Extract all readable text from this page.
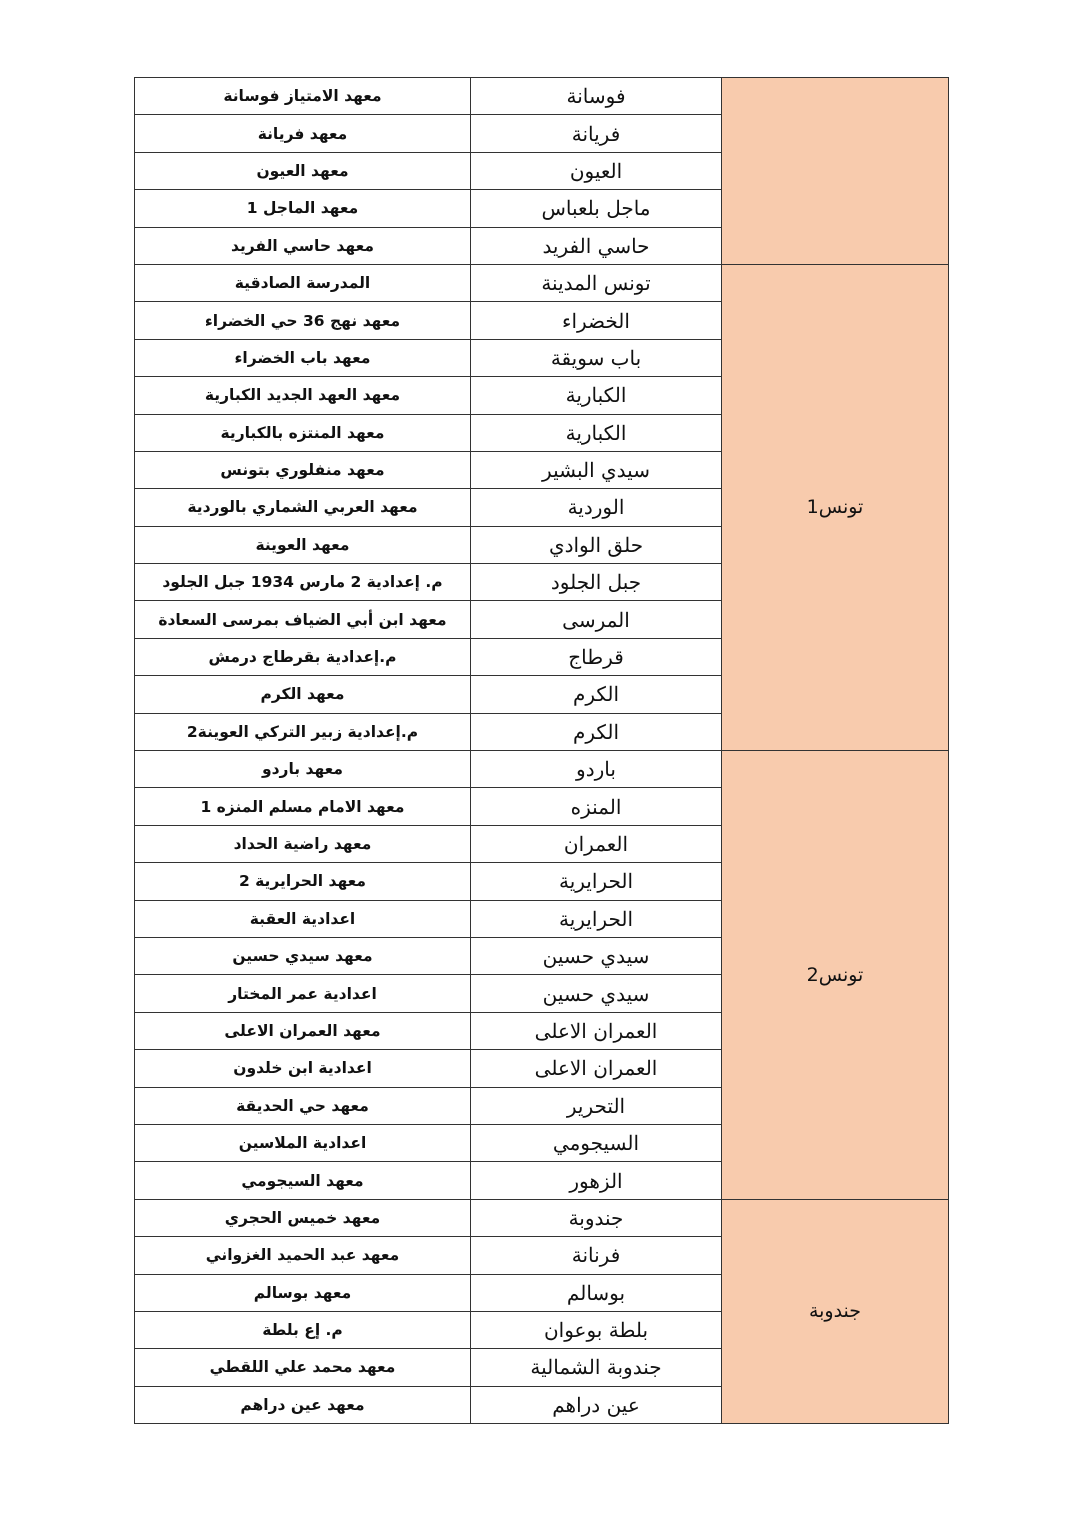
	فوسانة	معهد الامتياز فوسانة
	فريانة	معهد فريانة
	العيون	معهد العيون
	ماجل بلعباس	معهد الماجل 1
	حاسي الفريد	معهد حاسي الفريد
تونس1	تونس المدينة	المدرسة الصادقية
	الخضراء	معهد نهج 36 حي الخضراء
	باب سويقة	معهد باب الخضراء
	الكبارية	معهد العهد الجديد الكبارية
	الكبارية	معهد المنتزه بالكبارية
	سيدي البشير	معهد منفلوري بتونس
	الوردية	معهد العربي الشماري بالوردية
	حلق الوادي	معهد العوينة
	جبل الجلود	م. إعدادية 2 مارس 1934 جبل الجلود
	المرسى	معهد ابن أبي الضياف بمرسى السعادة
	قرطاج	م.إعدادية بقرطاج درمش
	الكرم	معهد الكرم
	الكرم	م.إعدادية زبير التركي العوينة2
تونس2	باردو	معهد باردو
	المنزه	معهد الامام مسلم المنزه 1
	العمران	معهد راضية الحداد
	الحرايرية	معهد الحرايرية 2
	الحرايرية	اعدادية العقبة
	سيدي حسين	معهد سيدي حسين
	سيدي حسين	اعدادية عمر المختار
	العمران الاعلى	معهد العمران الاعلى
	العمران الاعلى	اعدادية ابن خلدون
	التحرير	معهد حي الحديقة
	السيجومي	اعدادية الملاسين
	الزهور	معهد السيجومي
جندوبة	جندوبة	معهد خميس الحجري
	فرنانة	معهد عبد الحميد الغزواني
	بوسالم	معهد بوسالم
	بلطة بوعوان	م. إع بلطة
	جندوبة الشمالية	معهد محمد علي اللقطي
	عين دراهم	معهد عين دراهم
